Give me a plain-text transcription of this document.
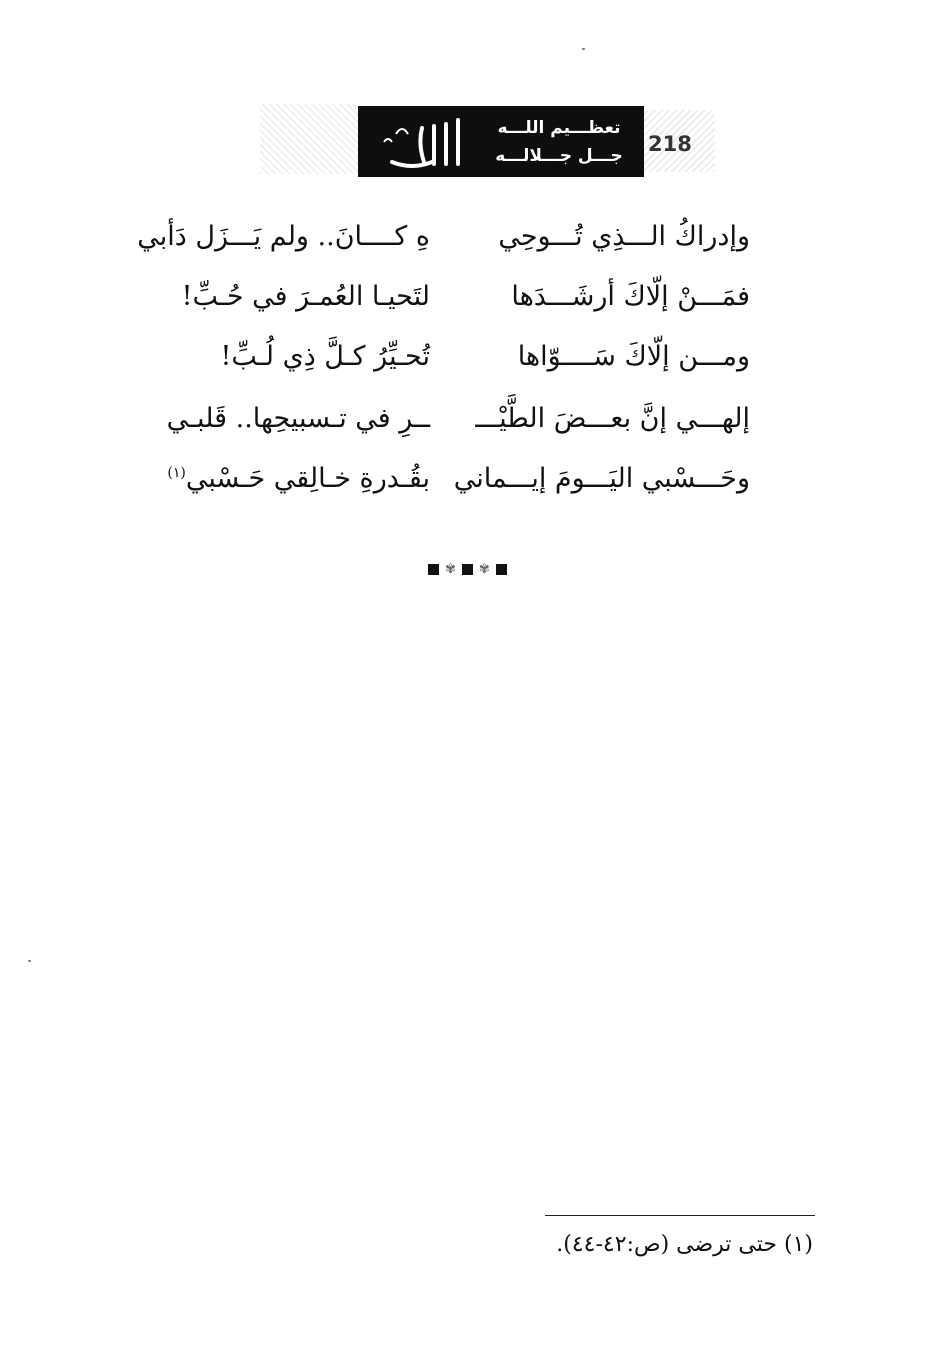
تعظـــيم اللـــه
جـــل جـــلالـــه 218
وإدراكُ الـــذِي تُـــوحِي
هِ كــــانَ.. ولم يَـــزَل دَأبي
فمَـــنْ إلّاكَ أرشَـــدَها
لتَحيـا العُمـرَ في حُـبِّ!
ومـــن إلّاكَ سَــــوّاها
تُحـيِّرُ كـلَّ ذِي لُـبِّ!
إلهـــي إنَّ بعـــضَ الطَّيْـــ
ــرِ في تـسبيحِها.. قَلبـي
وحَـــسْبي اليَـــومَ إيـــماني
بقُـدرةِ خـالِقي حَـسْبي$^{(١)}$
✾ ✾
(١) حتى ترضى (ص:٤٢-٤٤).
